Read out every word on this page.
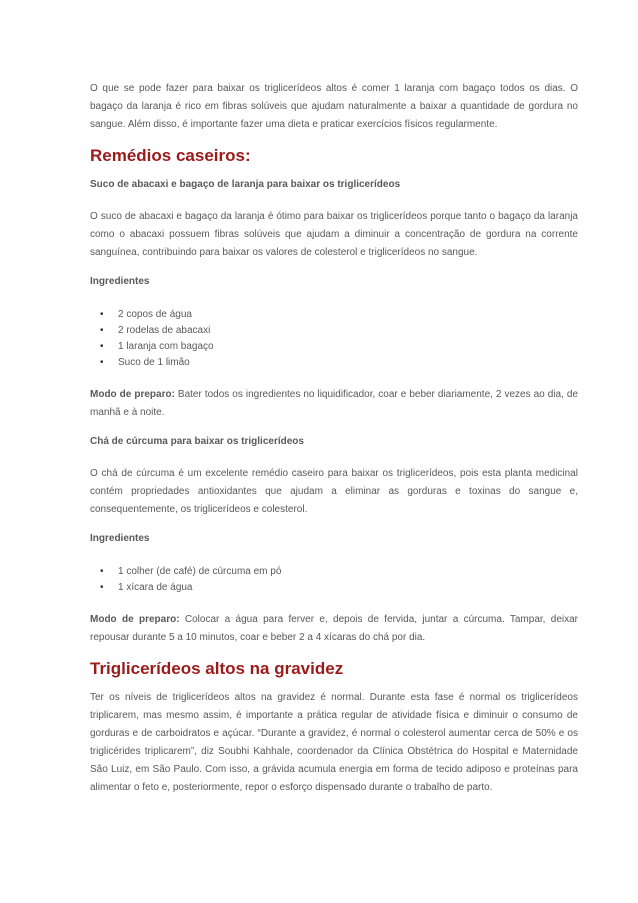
O que se pode fazer para baixar os triglicerídeos altos é comer 1 laranja com bagaço todos os dias. O bagaço da laranja é rico em fibras solúveis que ajudam naturalmente a baixar a quantidade de gordura no sangue. Além disso, é importante fazer uma dieta e praticar exercícios físicos regularmente.

Remédios caseiros:

Suco de abacaxi e bagaço de laranja para baixar os triglicerídeos

O suco de abacaxi e bagaço da laranja é ótimo para baixar os triglicerídeos porque tanto o bagaço da laranja como o abacaxi possuem fibras solúveis que ajudam a diminuir a concentração de gordura na corrente sanguínea, contribuindo para baixar os valores de colesterol e triglicerídeos no sangue.

Ingredientes

• 2 copos de água
• 2 rodelas de abacaxi
• 1 laranja com bagaço
• Suco de 1 limão

Modo de preparo: Bater todos os ingredientes no liquidificador, coar e beber diariamente, 2 vezes ao dia, de manhã e à noite.

Chá de cúrcuma para baixar os triglicerídeos

O chá de cúrcuma é um excelente remédio caseiro para baixar os triglicerídeos, pois esta planta medicinal contém propriedades antioxidantes que ajudam a eliminar as gorduras e toxinas do sangue e, consequentemente, os triglicerídeos e colesterol.

Ingredientes

• 1 colher (de café) de cúrcuma em pó
• 1 xícara de água

Modo de preparo: Colocar a água para ferver e, depois de fervida, juntar a cúrcuma. Tampar, deixar repousar durante 5 a 10 minutos, coar e beber 2 a 4 xícaras do chá por dia.

Triglicerídeos altos na gravidez

Ter os níveis de triglicerídeos altos na gravidez é normal. Durante esta fase é normal os triglicerídeos triplicarem, mas mesmo assim, é importante a prática regular de atividade física e diminuir o consumo de gorduras e de carboidratos e açúcar. “Durante a gravidez, é normal o colesterol aumentar cerca de 50% e os triglicérides triplicarem”, diz Soubhi Kahhale, coordenador da Clínica Obstétrica do Hospital e Maternidade São Luiz, em São Paulo. Com isso, a grávida acumula energia em forma de tecido adiposo e proteínas para alimentar o feto e, posteriormente, repor o esforço dispensado durante o trabalho de parto.
